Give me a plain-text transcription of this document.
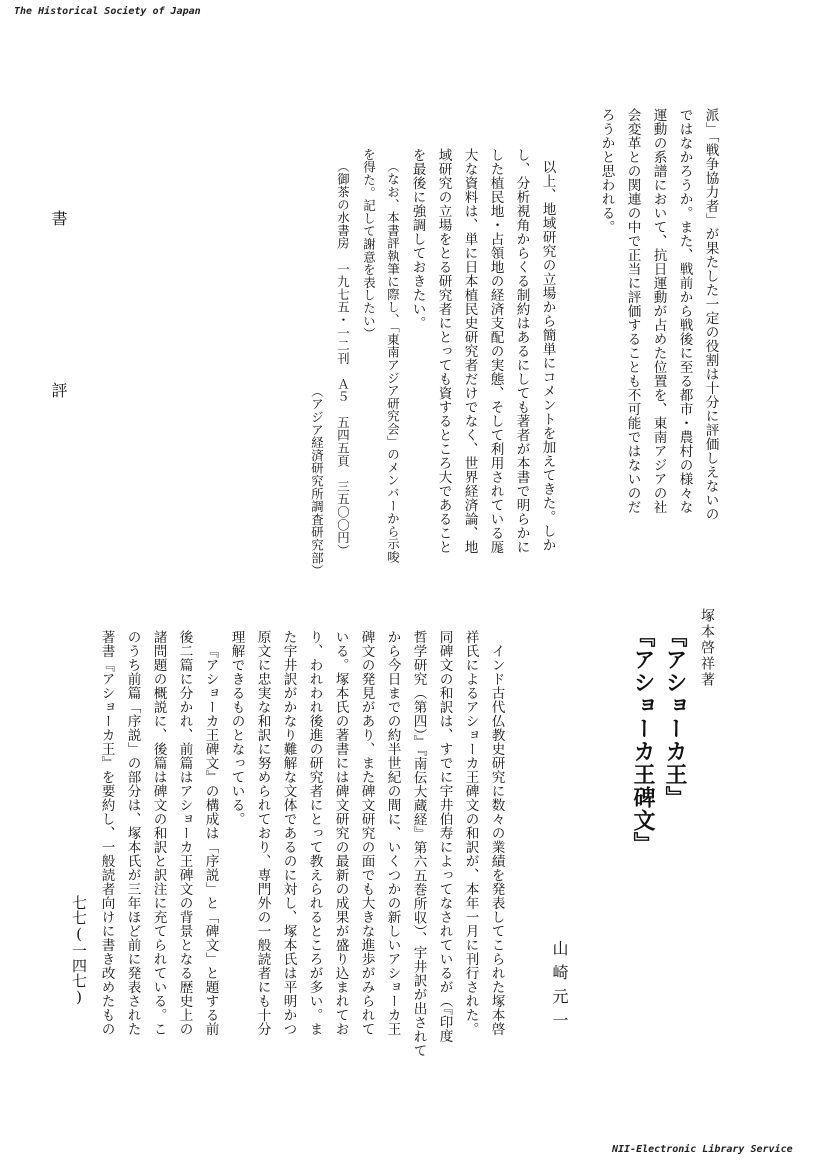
The Historical Society of Japan
NII-Electronic Library Service
書　評
七七(一四七)
派」「戦争協力者」が果たした一定の役割は十分に評価しえないの
ではなかろうか。また、戦前から戦後に至る都市・農村の様々な
運動の系譜において、抗日運動が占めた位置を、東南アジアの社
会変革との関連の中で正当に評価することも不可能ではないのだ
ろうかと思われる。
以上、地域研究の立場から簡単にコメントを加えてきた。しか
し、分析視角からくる制約はあるにしても著者が本書で明らかに
した植民地・占領地の経済支配の実態、そして利用されている厖
大な資料は、単に日本植民史研究者だけでなく、世界経済論、地
域研究の立場をとる研究者にとっても資するところ大であること
を最後に強調しておきたい。
（なお、本書評執筆に際し、「東南アジア研究会」のメンバーから示唆
を得た。記して謝意を表したい）
（御茶の水書房　一九七五・一二刊　Ａ５　五四五頁　三五〇〇円）
（アジア経済研究所調査研究部）
塚本啓祥著
『アショーカ王』
『アショーカ王碑文』
山崎元一
インド古代仏教史研究に数々の業績を発表してこられた塚本啓
祥氏によるアショーカ王碑文の和訳が、本年一月に刊行された。
同碑文の和訳は、すでに宇井伯寿によってなされているが（『印度
哲学研究（第四）』『南伝大蔵経』第六五巻所収）、宇井訳が出されて
から今日までの約半世紀の間に、いくつかの新しいアショーカ王
碑文の発見があり、また碑文研究の面でも大きな進歩がみられて
いる。塚本氏の著書には碑文研究の最新の成果が盛り込まれてお
り、われわれ後進の研究者にとって教えられるところが多い。ま
た宇井訳がかなり難解な文体であるのに対し、塚本氏は平明かつ
原文に忠実な和訳に努められており、専門外の一般読者にも十分
理解できるものとなっている。
『アショーカ王碑文』の構成は「序説」と「碑文」と題する前
後二篇に分かれ、前篇はアショーカ王碑文の背景となる歴史上の
諸問題の概説に、後篇は碑文の和訳と訳注に充てられている。こ
のうち前篇「序説」の部分は、塚本氏が三年ほど前に発表された
著書『アショーカ王』を要約し、一般読者向けに書き改めたもの
